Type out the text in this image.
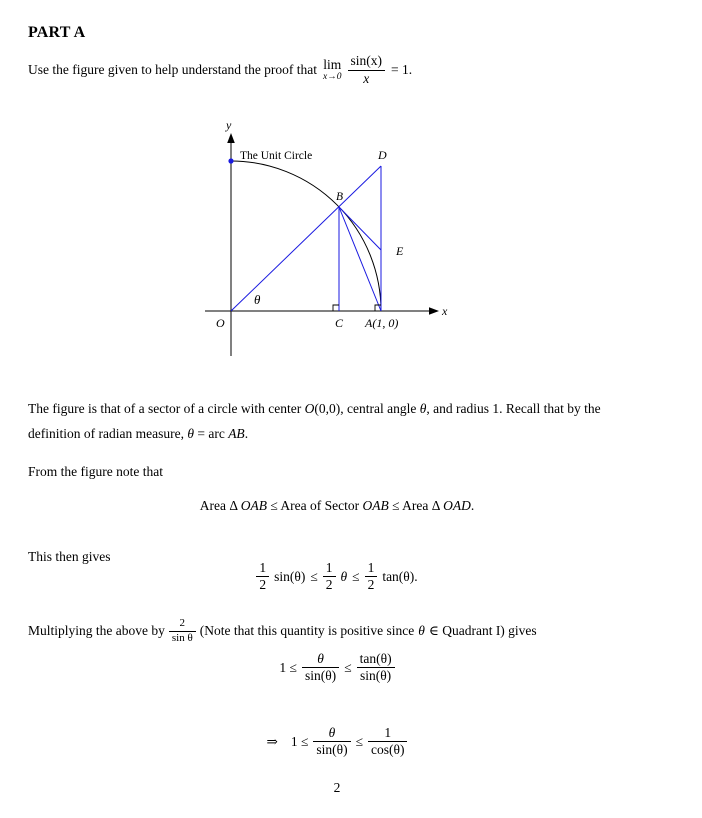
PART A
Use the figure given to help understand the proof that lim
$x\to 0 \frac{\sin(x)}{x} = 1$.
The Unit Circle
y
x
O
B
C
D
E
A(1, 0)
θ
The figure is that of a sector of a circle with center O(0,0), central angle θ, and radius 1. Recall that by the
definition of radian measure, θ = arc AB.
From the figure note that
Area Δ OAB ≤ Area of Sector OAB ≤ Area Δ OAD.
This then gives
$\frac{1}{2} \sin(\theta) \le \frac{1}{2}$ $\theta \le \frac{1}{2} \tan(\theta)$.
Multiplying the above by $\frac{2}{\text{sin θ}}$ (Note that this quantity is positive since θ ∈ Quadrant I) gives
$1 \le \frac{\theta}{\sin(\theta)} \le \frac{\tan(\theta)}{\sin(\theta)}$
⇒ $1 \le \frac{\theta}{\sin(\theta)} \le \frac{1}{\cos(\theta)}$
2
